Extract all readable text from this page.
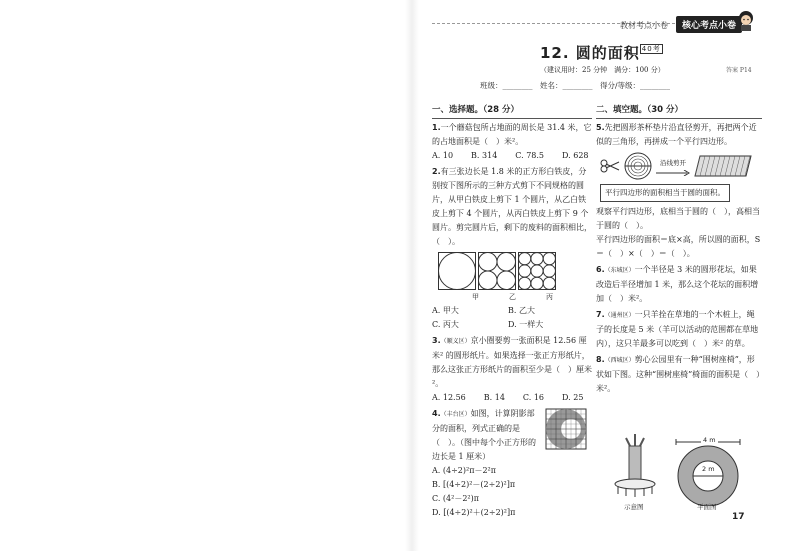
教材考点小卷	核心考点小卷
12. 圆的面积 $^{40考}$
（建议用时：25 分钟　满分：100 分）	答案 P14
班级：________　姓名：________　得分/等级：________
一、选择题。（28 分）
1.一个蘑菇包所占地面的周长是 31.4 米，它的占地面积是（　）米²。
A. 10 B. 314 C. 78.5 D. 628
2.有三张边长是 1.8 米的正方形白铁皮，分别按下图所示的三种方式剪下不同规格的圆片，从甲白铁皮上剪下 1 个圆片，从乙白铁皮上剪下 4 个圆片，从丙白铁皮上剪下 9 个圆片。剪完圆片后，剩下的废料的面积相比，（　）。
甲	乙	丙
A. 甲大	B. 乙大
C. 丙大	D. 一样大
3.（顺义区）京小圈要剪一张面积是 12.56 厘米² 的圆形纸片。如果选择一张正方形纸片，那么这张正方形纸片的面积至少是（　）厘米²。
A. 12.56 B. 14 C. 16 D. 25
4.（丰台区）如图，计算阴影部分的面积，列式正确的是（　）。（图中每个小正方形的边长是 1 厘米）
A. (4÷2)²π－2²π
B. [(4÷2)²－(2÷2)²]π
C. (4²－2²)π
D. [(4÷2)²＋(2÷2)²]π
二、填空题。（30 分）
5.先把圆形茶杯垫片沿直径剪开，再把两个近似的三角形，再拼成一个平行四边形。
沿线剪开
平行四边形的面积相当于圆的面积。
观察平行四边形，底相当于圆的（　），高相当于圆的（　）。
平行四边形的面积＝底×高，所以圆的面积，S＝（　）×（　）＝（　）。
6.（东城区）一个半径是 3 米的圆形花坛，如果改造后半径增加 1 米，那么这个花坛的面积增加（　）米²。
7.（通州区）一只羊拴在草地的一个木桩上，绳子的长度是 5 米（羊可以活动的范围都在草地内），这只羊最多可以吃到（　）米² 的草。
8.（西城区）剪心公园里有一种“围树座椅”，形状如下图。这种“围树座椅”椅面的面积是（　）米²。
示意图
4 m
2 m
平面图
17
